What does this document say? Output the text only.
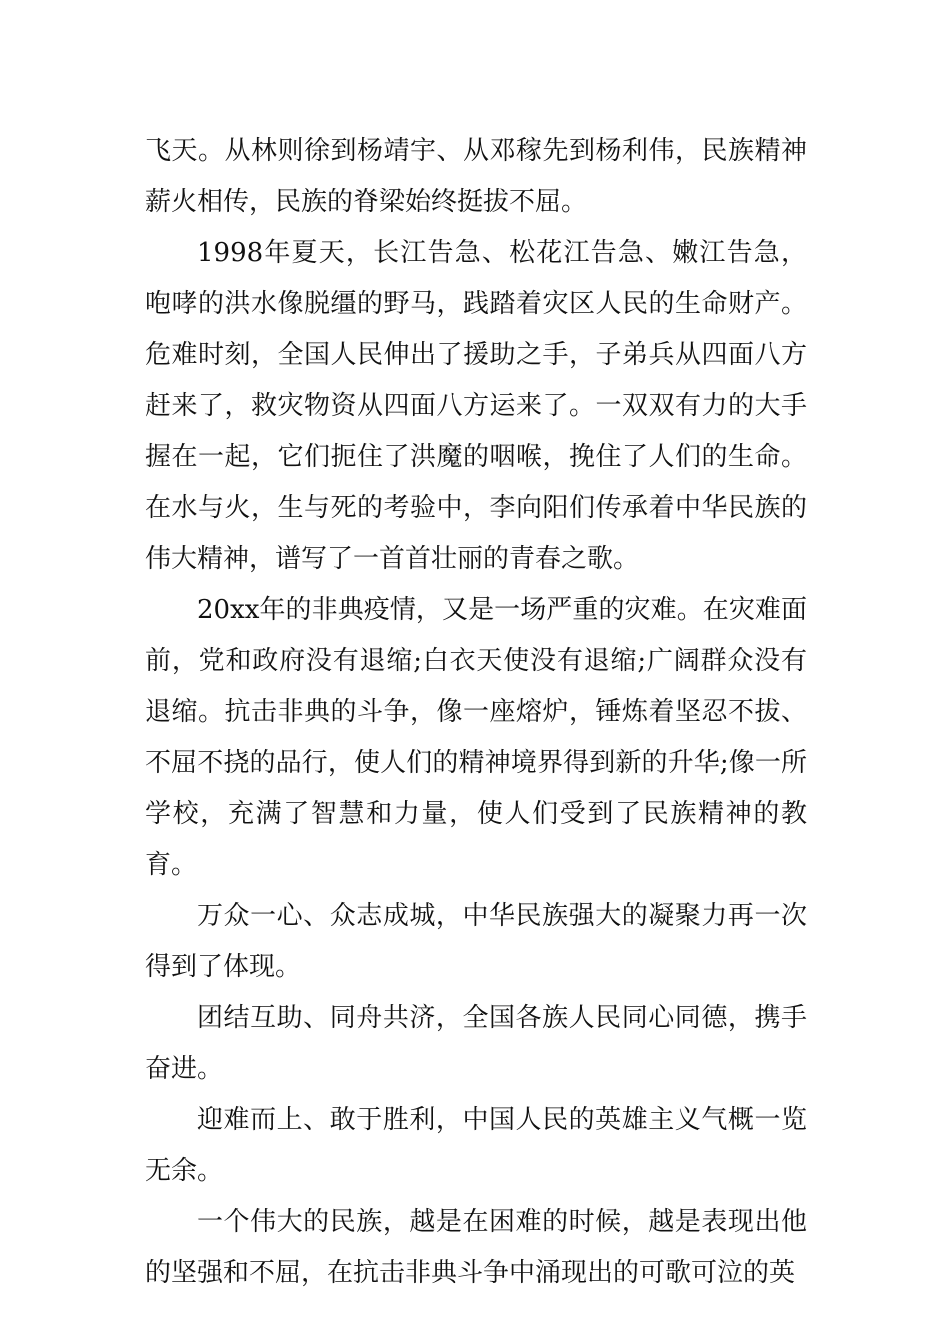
飞天。从林则徐到杨靖宇、从邓稼先到杨利伟，民族精神薪火相传，民族的脊梁始终挺拔不屈。

1998年夏天，长江告急、松花江告急、嫩江告急，咆哮的洪水像脱缰的野马，践踏着灾区人民的生命财产。危难时刻，全国人民伸出了援助之手，子弟兵从四面八方赶来了，救灾物资从四面八方运来了。一双双有力的大手握在一起，它们扼住了洪魔的咽喉，挽住了人们的生命。在水与火，生与死的考验中，李向阳们传承着中华民族的伟大精神，谱写了一首首壮丽的青春之歌。

20xx年的非典疫情，又是一场严重的灾难。在灾难面前，党和政府没有退缩;白衣天使没有退缩;广阔群众没有退缩。抗击非典的斗争，像一座熔炉，锤炼着坚忍不拔、不屈不挠的品行，使人们的精神境界得到新的升华;像一所学校，充满了智慧和力量，使人们受到了民族精神的教育。

万众一心、众志成城，中华民族强大的凝聚力再一次得到了体现。

团结互助、同舟共济，全国各族人民同心同德，携手奋进。

迎难而上、敢于胜利，中国人民的英雄主义气概一览无余。

一个伟大的民族，越是在困难的时候，越是表现出他的坚强和不屈，在抗击非典斗争中涌现出的可歌可泣的英
